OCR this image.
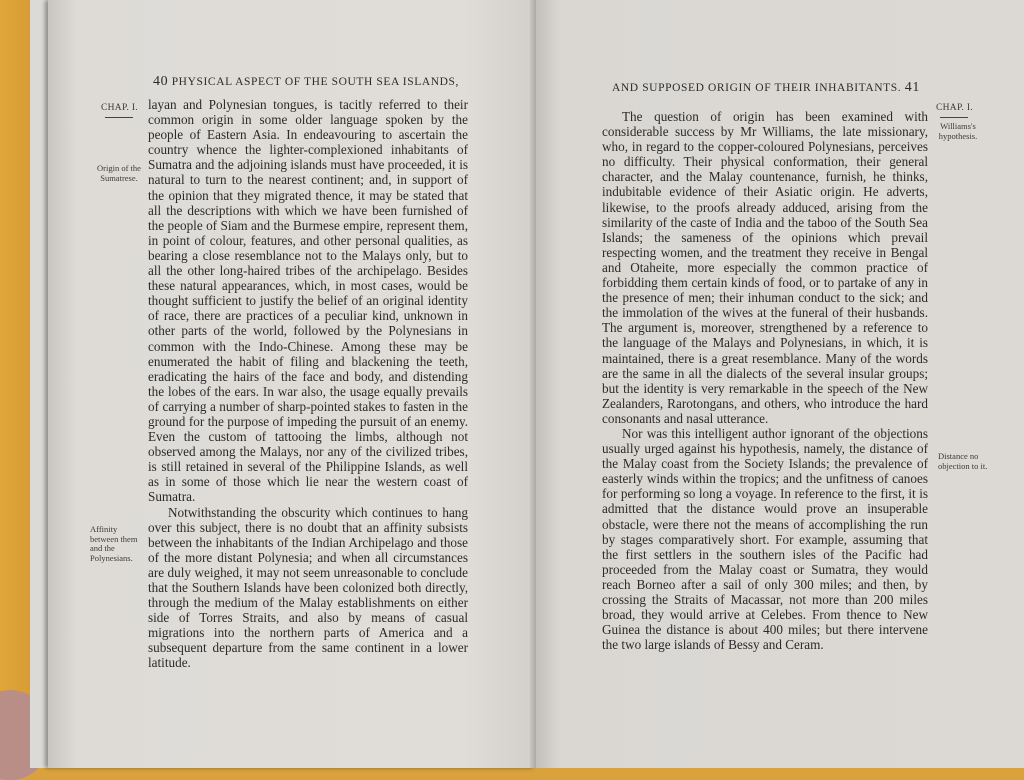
40 PHYSICAL ASPECT OF THE SOUTH SEA ISLANDS,
CHAP. I.
Origin of the Sumatrese.
Affinity between them and the Polynesians.

layan and Polynesian tongues, is tacitly referred to their common origin in some older language spoken by the people of Eastern Asia. In endeavouring to ascertain the country whence the lighter-complexioned inhabitants of Sumatra and the adjoining islands must have proceeded, it is natural to turn to the nearest continent; and, in support of the opinion that they migrated thence, it may be stated that all the descriptions with which we have been furnished of the people of Siam and the Burmese empire, represent them, in point of colour, features, and other personal qualities, as bearing a close resemblance not to the Malays only, but to all the other long-haired tribes of the archipelago. Besides these natural appearances, which, in most cases, would be thought sufficient to justify the belief of an original identity of race, there are practices of a peculiar kind, unknown in other parts of the world, followed by the Polynesians in common with the Indo-Chinese. Among these may be enumerated the habit of filing and blackening the teeth, eradicating the hairs of the face and body, and distending the lobes of the ears. In war also, the usage equally prevails of carrying a number of sharp-pointed stakes to fasten in the ground for the purpose of impeding the pursuit of an enemy. Even the custom of tattooing the limbs, although not observed among the Malays, nor any of the civilized tribes, is still retained in several of the Philippine Islands, as well as in some of those which lie near the western coast of Sumatra.

Notwithstanding the obscurity which continues to hang over this subject, there is no doubt that an affinity subsists between the inhabitants of the Indian Archipelago and those of the more distant Polynesia; and when all circumstances are duly weighed, it may not seem unreasonable to conclude that the Southern Islands have been colonized both directly, through the medium of the Malay establishments on either side of Torres Straits, and also by means of casual migrations into the northern parts of America and a subsequent departure from the same continent in a lower latitude.

AND SUPPOSED ORIGIN OF THEIR INHABITANTS. 41
CHAP. I.
Williams's hypothesis.
Distance no objection to it.

The question of origin has been examined with considerable success by Mr Williams, the late missionary, who, in regard to the copper-coloured Polynesians, perceives no difficulty. Their physical conformation, their general character, and the Malay countenance, furnish, he thinks, indubitable evidence of their Asiatic origin. He adverts, likewise, to the proofs already adduced, arising from the similarity of the caste of India and the taboo of the South Sea Islands; the sameness of the opinions which prevail respecting women, and the treatment they receive in Bengal and Otaheite, more especially the common practice of forbidding them certain kinds of food, or to partake of any in the presence of men; their inhuman conduct to the sick; and the immolation of the wives at the funeral of their husbands. The argument is, moreover, strengthened by a reference to the language of the Malays and Polynesians, in which, it is maintained, there is a great resemblance. Many of the words are the same in all the dialects of the several insular groups; but the identity is very remarkable in the speech of the New Zealanders, Rarotongans, and others, who introduce the hard consonants and nasal utterance.

Nor was this intelligent author ignorant of the objections usually urged against his hypothesis, namely, the distance of the Malay coast from the Society Islands; the prevalence of easterly winds within the tropics; and the unfitness of canoes for performing so long a voyage. In reference to the first, it is admitted that the distance would prove an insuperable obstacle, were there not the means of accomplishing the run by stages comparatively short. For example, assuming that the first settlers in the southern isles of the Pacific had proceeded from the Malay coast or Sumatra, they would reach Borneo after a sail of only 300 miles; and then, by crossing the Straits of Macassar, not more than 200 miles broad, they would arrive at Celebes. From thence to New Guinea the distance is about 400 miles; but there intervene the two large islands of Bessy and Ceram.
